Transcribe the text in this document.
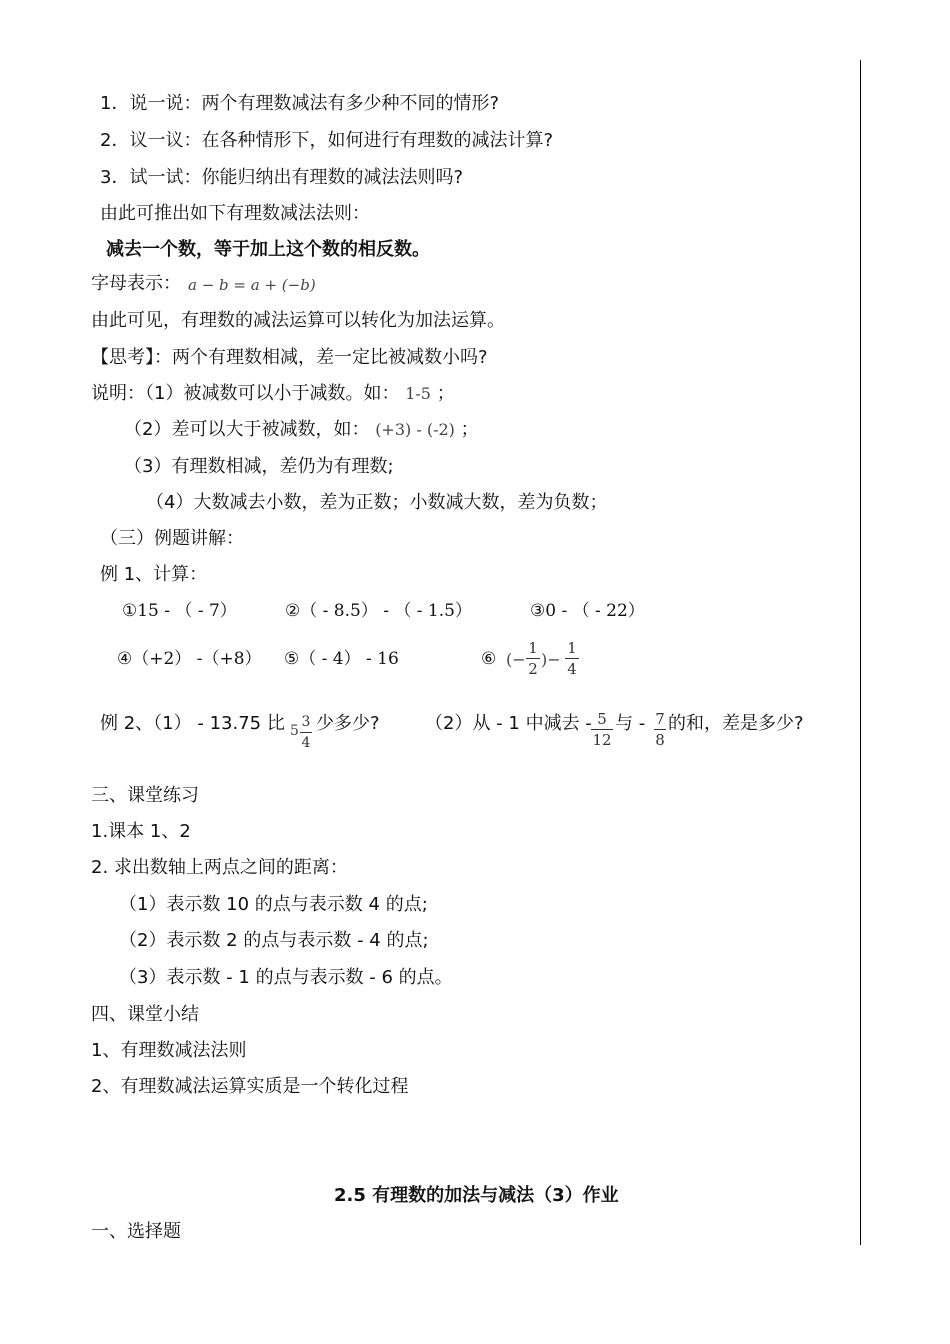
1．说一说：两个有理数减法有多少种不同的情形?
2．议一议：在各种情形下，如何进行有理数的减法计算?
3．试一试：你能归纳出有理数的减法法则吗?
由此可推出如下有理数减法法则：
减去一个数，等于加上这个数的相反数。
字母表示： a − b = a + (−b)
由此可见，有理数的减法运算可以转化为加法运算。
【思考】：两个有理数相减，差一定比被减数小吗?
说明：（1）被减数可以小于减数。如： 1-5 ；
（2）差可以大于被减数，如： (+3) - (-2) ；
（3）有理数相减，差仍为有理数;
（4）大数减去小数，差为正数；小数减大数，差为负数；
（三）例题讲解：
例 1、计算：
①15 - （ - 7）	②（ - 8.5） - （ - 1.5）	③0 - （ - 22）
④（+2） -（+8） ⑤（ - 4） - 16	⑥ (−
1
2 )−
1
4
例 2、（1） - 13.75 比 5
3
4
少多少?	（2）从 - 1 中减去 - 5
12
与 - 7
8
的和，差是多少?
三、课堂练习
1.课本 1、2
2. 求出数轴上两点之间的距离：
（1）表示数 10 的点与表示数 4 的点;
（2）表示数 2 的点与表示数 - 4 的点;
（3）表示数 - 1 的点与表示数 - 6 的点。
四、课堂小结
1、有理数减法法则
2、有理数减法运算实质是一个转化过程
2.5 有理数的加法与减法（3）作业
一、选择题
